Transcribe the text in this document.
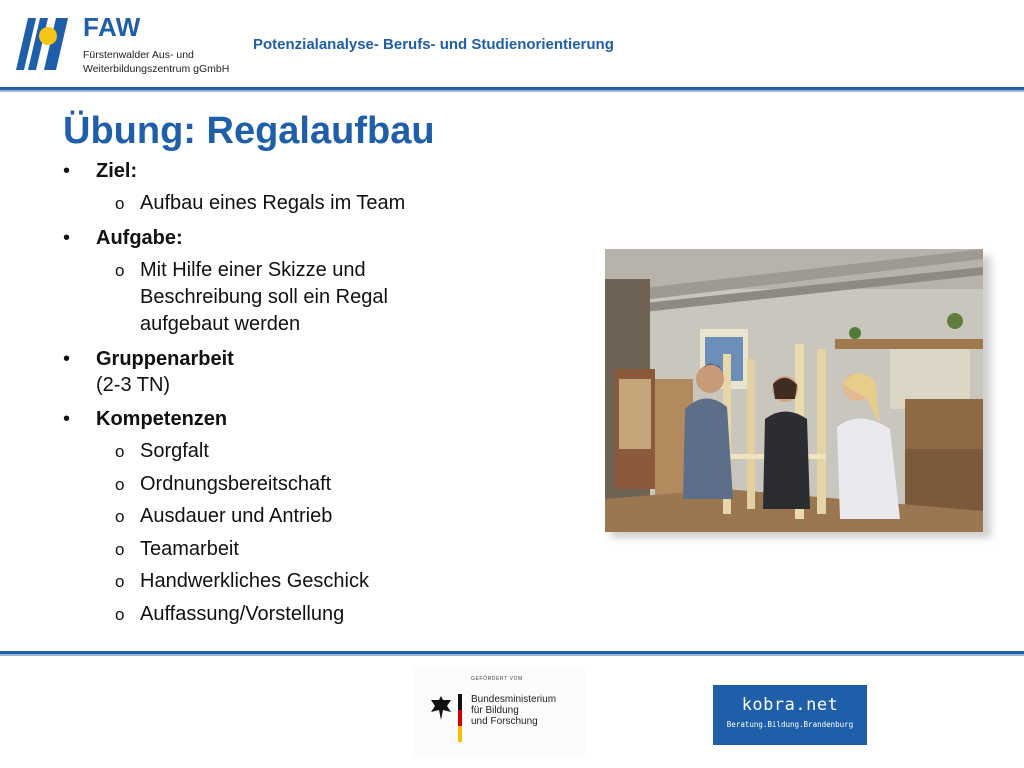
FAW
Fürstenwalder Aus- und
Weiterbildungszentrum gGmbH
Potenzialanalyse- Berufs- und Studienorientierung
Übung: Regalaufbau
• Ziel:
o Aufbau eines Regals im Team
• Aufgabe:
o Mit Hilfe einer Skizze und
Beschreibung soll ein Regal
aufgebaut werden
• Gruppenarbeit
(2-3 TN)
• Kompetenzen
o Sorgfalt
o Ordnungsbereitschaft
o Ausdauer und Antrieb
o Teamarbeit
o Handwerkliches Geschick
o Auffassung/Vorstellung
GEFÖRDERT VOM
Bundesministerium
für Bildung
und Forschung
kobra.net
Beratung.Bildung.Brandenburg
